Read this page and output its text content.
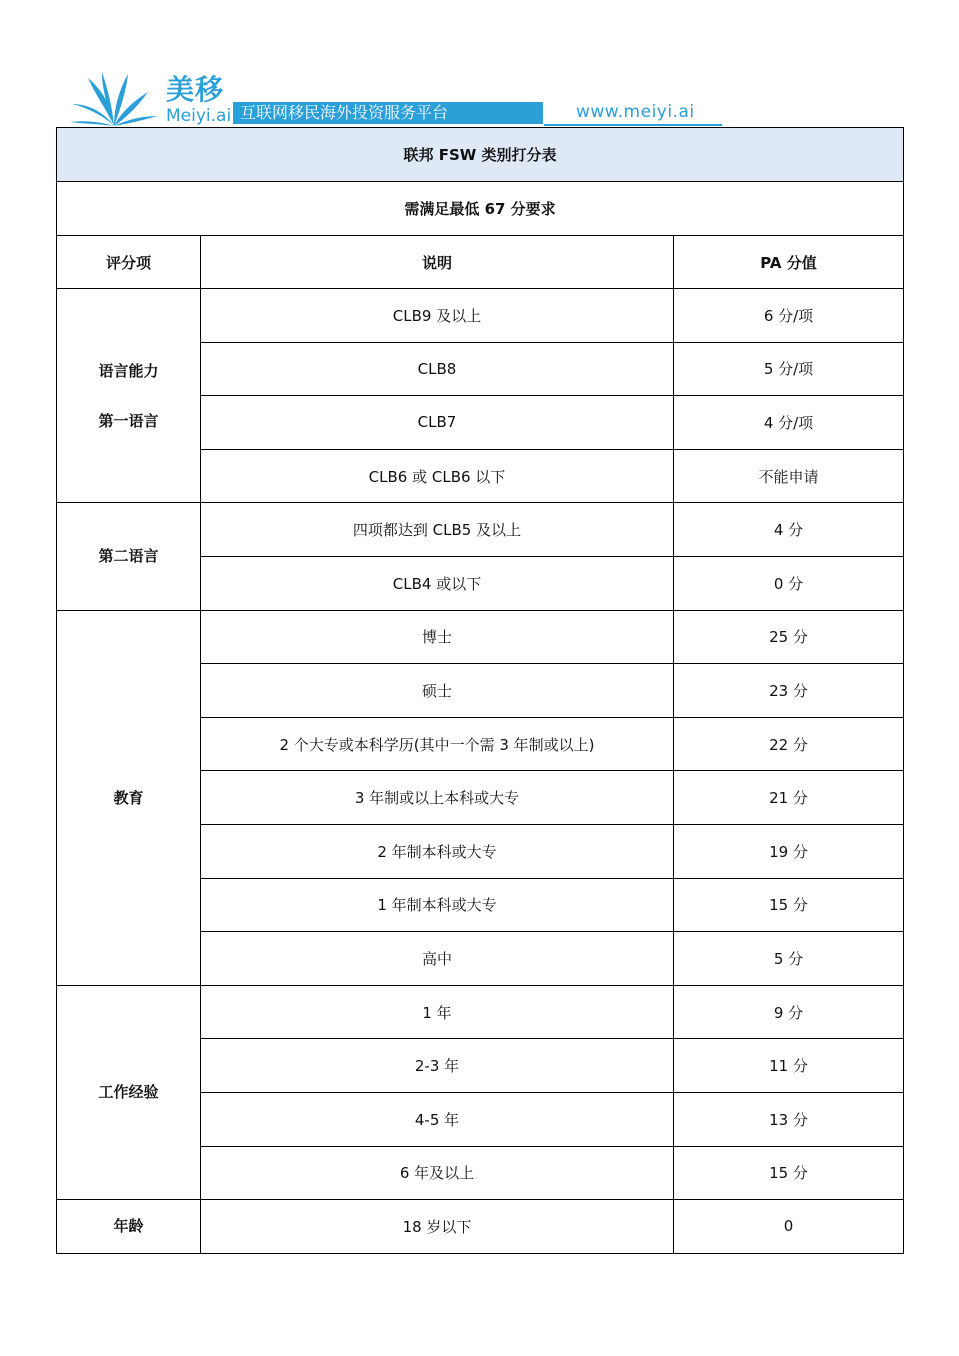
美移
Meiyi.ai 互联网移民海外投资服务平台	www.meiyi.ai
联邦 FSW 类别打分表		
需满足最低 67 分要求		
评分项	说明	PA 分值

语言能力
第一语言	CLB9 及以上	6 分/项
	CLB8	5 分/项
	CLB7	4 分/项
	CLB6 或 CLB6 以下	不能申请

第二语言	四项都达到 CLB5 及以上	4 分
	CLB4 或以下	0 分

教育	博士	25 分
	硕士	23 分
	2 个大专或本科学历(其中一个需 3 年制或以上)	22 分
	3 年制或以上本科或大专	21 分
	2 年制本科或大专	19 分
	1 年制本科或大专	15 分
	高中	5 分

工作经验	1 年	9 分
	2-3 年	11 分
	4-5 年	13 分
	6 年及以上	15 分

年龄	18 岁以下	0
